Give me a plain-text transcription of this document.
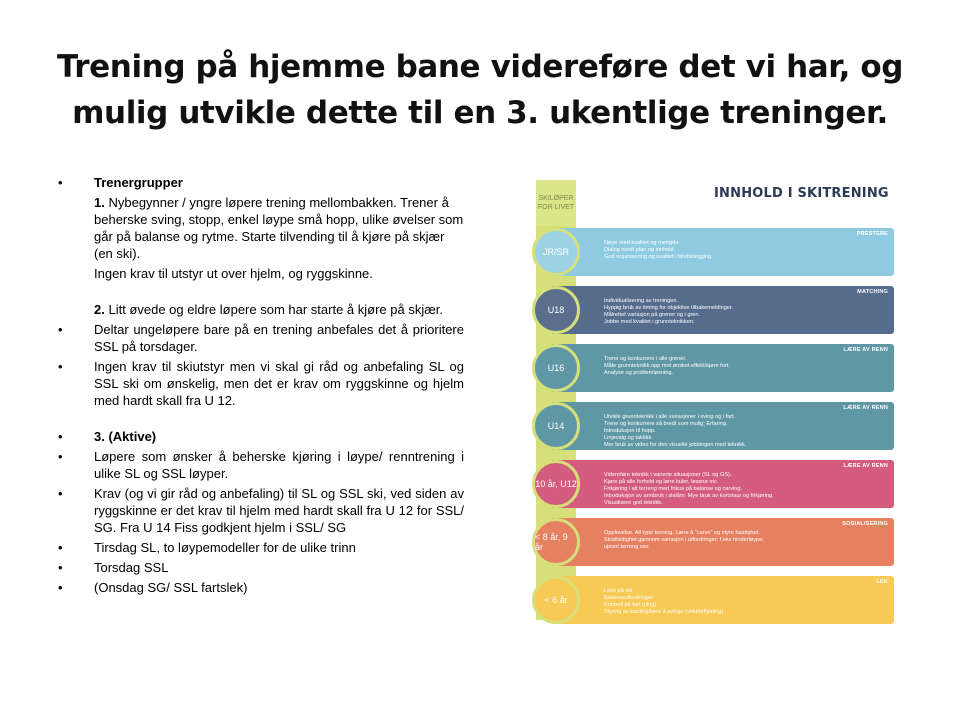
Trening på hjemme bane videreføre det vi har, og
mulig utvikle dette til en 3. ukentlige treninger.
• Trenergrupper
1. Nybegynner / yngre løpere trening mellombakken. Trener å beherske sving, stopp, enkel løype små hopp, ulike øvelser som går på balanse og rytme. Starte tilvending til å kjøre på skjær (en ski).
Ingen krav til utstyr ut over hjelm, og ryggskinne.
2. Litt øvede og eldre løpere som har starte å kjøre på skjær.
• Deltar ungeløpere bare på en trening anbefales det å prioritere SSL på torsdager.
• Ingen krav til skiutstyr men vi skal gi råd og anbefaling SL og SSL ski om ønskelig, men det er krav om ryggskinne og hjelm med hardt skall fra U 12.
• 3. (Aktive)
• Løpere som ønsker å beherske kjøring i løype/ renntrening i ulike SL og SSL løyper.
• Krav (og vi gir råd og anbefaling) til SL og SSL ski, ved siden av ryggskinne er det krav til hjelm med hardt skall fra U 12 for SSL/ SG. Fra U 14 Fiss godkjent hjelm i SSL/ SG
• Tirsdag SL, to løypemodeller for de ulike trinn
• Torsdag SSL
• (Onsdag SG/ SSL fartslek)
SKILØPER
FOR LIVET
INNHOLD I SKITRENING
PRESTERE
Nøye med kvalitet og mengde.
Dialog rundt plan og innhold.
God organisering og kvalitet i tilrettelegging.
JR/SR
MATCHING
Individualisering av treningen.
Hyppig bruk av timing for objektive tilbakemeldinger.
Målrettet variasjon på grener og i gren.
Jobbe med kvalitet i grunnteknikken.
U18
LÆRE AV RENN
Trene og konkurrere i alle grener.
Måle grunnteknikk opp mot ønsket effekt/kjøre fort.
Analyse og problemløsning.
U16
LÆRE AV RENN
Utvikle grunnteknikk i alle variasjoner i sving og i fart.
Trene og konkurrere så bredt som mulig; Erfaring.
Introduksjon til hopp.
Linjevalg og taktikk.
Mer bruk av video for den visuelle jobbingen med teknikk.
U14
LÆRE AV RENN
Videreføre teknikk i varierte situasjoner (SL og GS).
Kjøre på alle forhold og lære kuler, løssnø etc.
Frikjøring i alt terreng med fokus på balanse og carving.
Introduksjon av armbruk i slalåm: Mye bruk av kortstaur og frikjøring.
Visualisere god teknikk.
10 år, U12
SOSIALISERING
Opplevelse. All type terreng. Lære å "carve" og styre hastighet.
Skiallsidighet gjennom variasjon i utfordringer; f.eks hinderløype;
ujevnt terreng osv.
< 8 år, 9 år
LEK
Leke på ski.
Balanseutfordringer.
Kontroll på fart (plog).
Styring av kanting/lære å svinge (vektforflytning).
< 6 år
